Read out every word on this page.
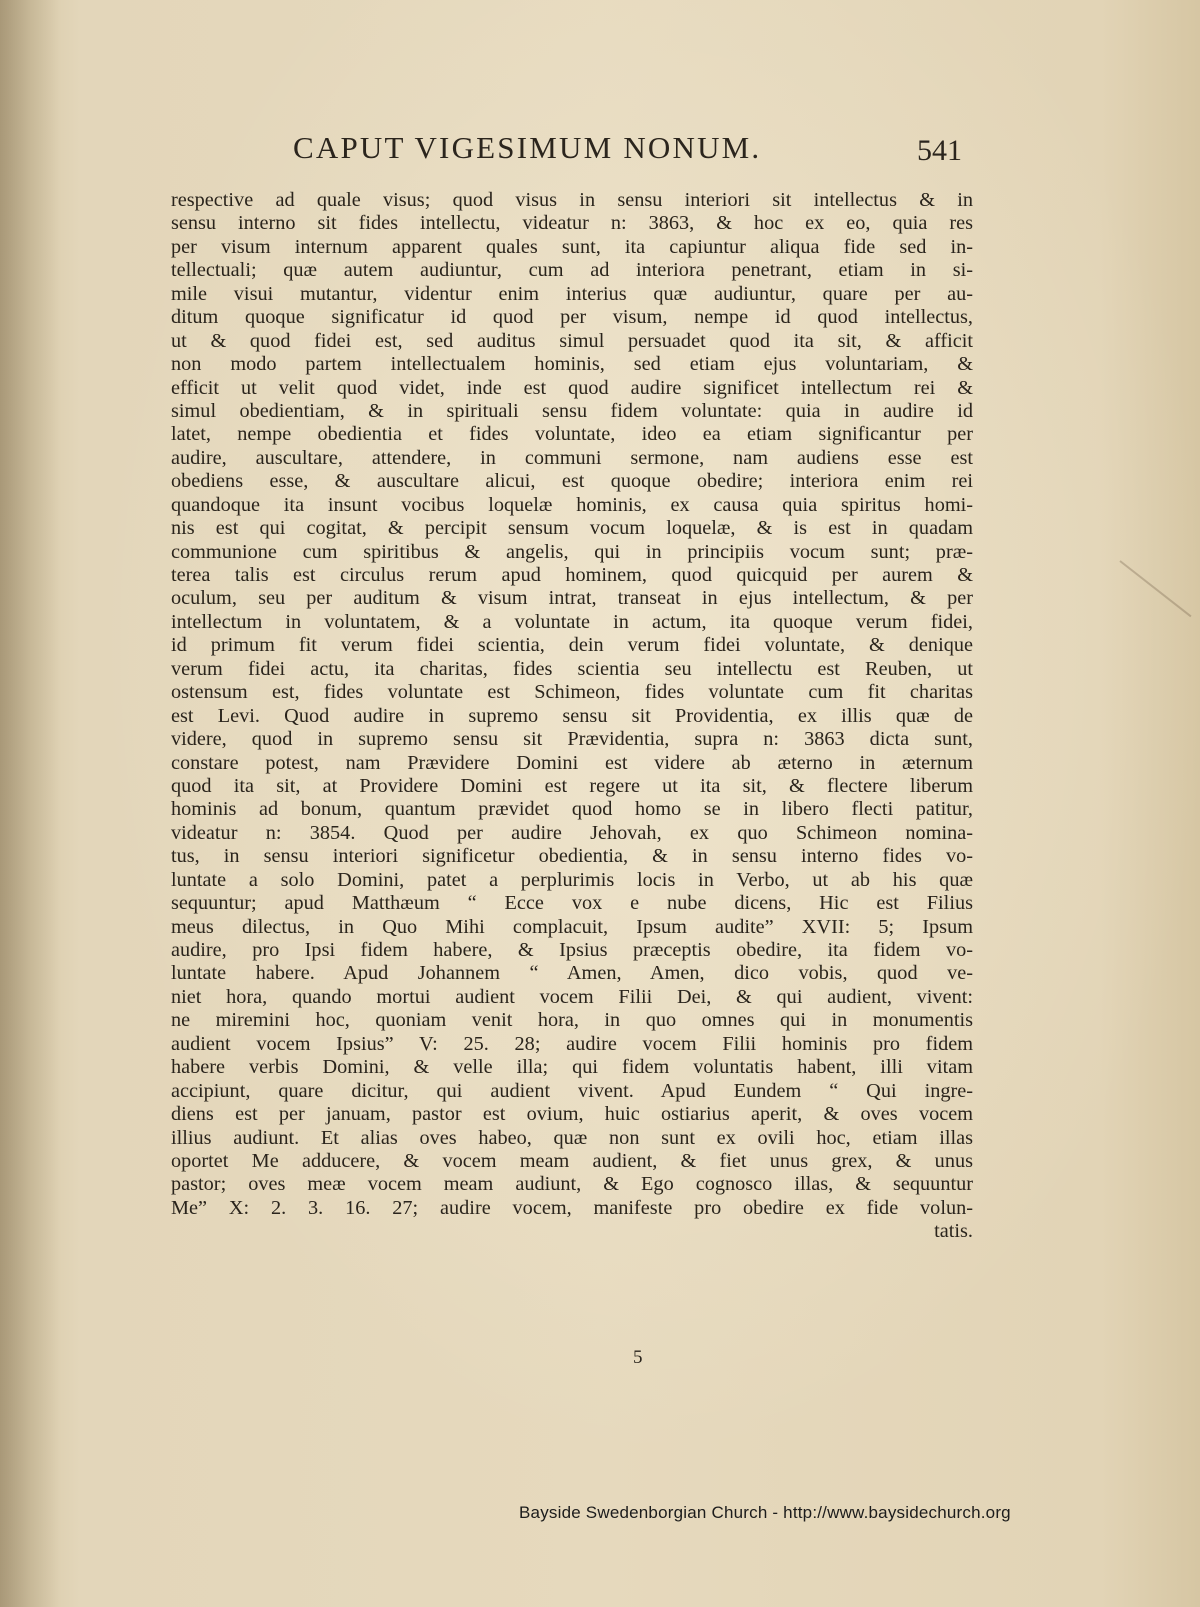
CAPUT VIGESIMUM NONUM.	541
respective ad quale visus; quod visus in sensu interiori sit intellectus & in
sensu interno sit fides intellectu, videatur n: 3863, & hoc ex eo, quia res
per visum internum apparent quales sunt, ita capiuntur aliqua fide sed in-
tellectuali; quæ autem audiuntur, cum ad interiora penetrant, etiam in si-
mile visui mutantur, videntur enim interius quæ audiuntur, quare per au-
ditum quoque significatur id quod per visum, nempe id quod intellectus,
ut & quod fidei est, sed auditus simul persuadet quod ita sit, & afficit
non modo partem intellectualem hominis, sed etiam ejus voluntariam, &
efficit ut velit quod videt, inde est quod audire significet intellectum rei &
simul obedientiam, & in spirituali sensu fidem voluntate: quia in audire id
latet, nempe obedientia et fides voluntate, ideo ea etiam significantur per
audire, auscultare, attendere, in communi sermone, nam audiens esse est
obediens esse, & auscultare alicui, est quoque obedire; interiora enim rei
quandoque ita insunt vocibus loquelæ hominis, ex causa quia spiritus homi-
nis est qui cogitat, & percipit sensum vocum loquelæ, & is est in quadam
communione cum spiritibus & angelis, qui in principiis vocum sunt; præ-
terea talis est circulus rerum apud hominem, quod quicquid per aurem &
oculum, seu per auditum & visum intrat, transeat in ejus intellectum, & per
intellectum in voluntatem, & a voluntate in actum, ita quoque verum fidei,
id primum fit verum fidei scientia, dein verum fidei voluntate, & denique
verum fidei actu, ita charitas, fides scientia seu intellectu est Reuben, ut
ostensum est, fides voluntate est Schimeon, fides voluntate cum fit charitas
est Levi. Quod audire in supremo sensu sit Providentia, ex illis quæ de
videre, quod in supremo sensu sit Prævidentia, supra n: 3863 dicta sunt,
constare potest, nam Prævidere Domini est videre ab æterno in æternum
quod ita sit, at Providere Domini est regere ut ita sit, & flectere liberum
hominis ad bonum, quantum prævidet quod homo se in libero flecti patitur,
videatur n: 3854. Quod per audire Jehovah, ex quo Schimeon nomina-
tus, in sensu interiori significetur obedientia, & in sensu interno fides vo-
luntate a solo Domini, patet a perplurimis locis in Verbo, ut ab his quæ
sequuntur; apud Matthæum “ Ecce vox e nube dicens, Hic est Filius
meus dilectus, in Quo Mihi complacuit, Ipsum audite” XVII: 5; Ipsum
audire, pro Ipsi fidem habere, & Ipsius præceptis obedire, ita fidem vo-
luntate habere. Apud Johannem “ Amen, Amen, dico vobis, quod ve-
niet hora, quando mortui audient vocem Filii Dei, & qui audient, vivent:
ne miremini hoc, quoniam venit hora, in quo omnes qui in monumentis
audient vocem Ipsius” V: 25. 28; audire vocem Filii hominis pro fidem
habere verbis Domini, & velle illa; qui fidem voluntatis habent, illi vitam
accipiunt, quare dicitur, qui audient vivent. Apud Eundem “ Qui ingre-
diens est per januam, pastor est ovium, huic ostiarius aperit, & oves vocem
illius audiunt. Et alias oves habeo, quæ non sunt ex ovili hoc, etiam illas
oportet Me adducere, & vocem meam audient, & fiet unus grex, & unus
pastor; oves meæ vocem meam audiunt, & Ego cognosco illas, & sequuntur
Me” X: 2. 3. 16. 27; audire vocem, manifeste pro obedire ex fide volun-
tatis.
5
Bayside Swedenborgian Church - http://www.baysidechurch.org
